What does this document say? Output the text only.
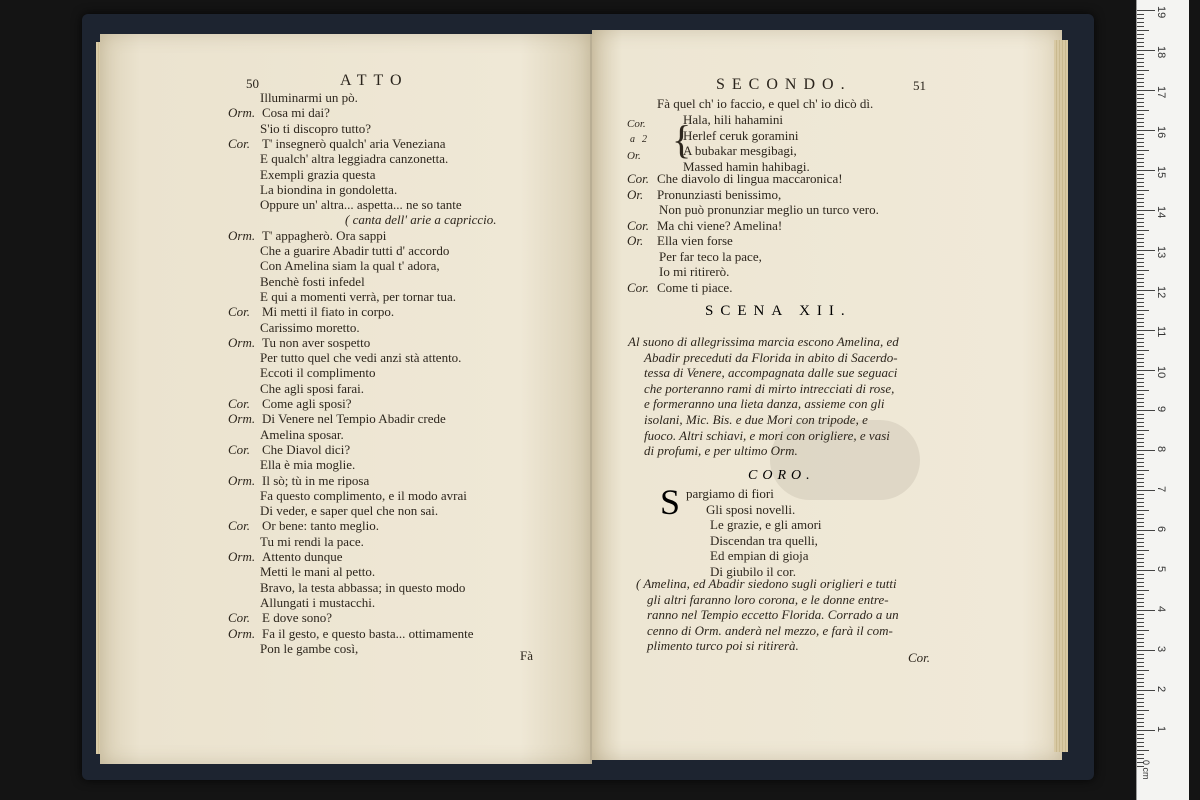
50	ATTO
Illuminarmi un pò.
Orm. Cosa mi dai?
S'io ti discopro tutto?
Cor. T' insegnerò qualch' aria Veneziana
E qualch' altra leggiadra canzonetta.
Exempli grazia questa
La biondina in gondoletta.
Oppure un' altra... aspetta... ne so tante
( canta dell' arie a capriccio.
Orm. T' appagherò. Ora sappi
Che a guarire Abadir tutti d' accordo
Con Amelina siam la qual t' adora,
Benchè fosti infedel
E qui a momenti verrà, per tornar tua.
Cor. Mi metti il fiato in corpo.
Carissimo moretto.
Orm. Tu non aver sospetto
Per tutto quel che vedi anzi stà attento.
Eccoti il complimento
Che agli sposi farai.
Cor. Come agli sposi?
Orm. Di Venere nel Tempio Abadir crede
Amelina sposar.
Cor. Che Diavol dici?
Ella è mia moglie.
Orm. Il sò; tù in me riposa
Fa questo complimento, e il modo avrai
Di veder, e saper quel che non sai.
Cor. Or bene: tanto meglio.
Tu mi rendi la pace.
Orm. Attento dunque
Metti le mani al petto.
Bravo, la testa abbassa; in questo modo
Allungati i mustacchi.
Cor. E dove sono?
Orm. Fa il gesto, e questo basta... ottimamente
Pon le gambe così,	Fà
SECONDO.	51
Fà quel ch' io faccio, e quel ch' io dicò dì.
Cor.
a 2
Or. {
Hala, hili hahamini
Herlef ceruk goramini
A bubakar mesgibagi,
Massed hamin hahibagi.
Cor. Che diavolo di lingua maccaronica!
Or. Pronunziasti benissimo,
Non può pronunziar meglio un turco vero.
Cor. Ma chi viene? Amelina!
Or. Ella vien forse
Per far teco la pace,
Io mi ritirerò.
Cor. Come ti piace.
SCENA XII.
Al suono di allegrissima marcia escono Amelina, ed
Abadir preceduti da Florida in abito di Sacerdo-
tessa di Venere, accompagnata dalle sue seguaci
che porteranno rami di mirto intrecciati di rose,
e formeranno una lieta danza, assieme con gli
isolani, Mic. Bis. e due Mori con tripode, e
fuoco. Altri schiavi, e mori con origliere, e vasi
di profumi, e per ultimo Orm.
CORO.
S pargiamo di fiori
Gli sposi novelli.
Le grazie, e gli amori
Discendan tra quelli,
Ed empian di gioja
Di giubilo il cor.
( Amelina, ed Abadir siedono sugli origlieri e tutti
gli altri faranno loro corona, e le donne entre-
ranno nel Tempio eccetto Florida. Corrado a un
cenno di Orm. anderà nel mezzo, e farà il com-
plimento turco poi si ritirerà.
Cor.
19
18
17
16
15
14
13
12
11
10
9
8
7
6
5
4
3
2
1
0 cm
